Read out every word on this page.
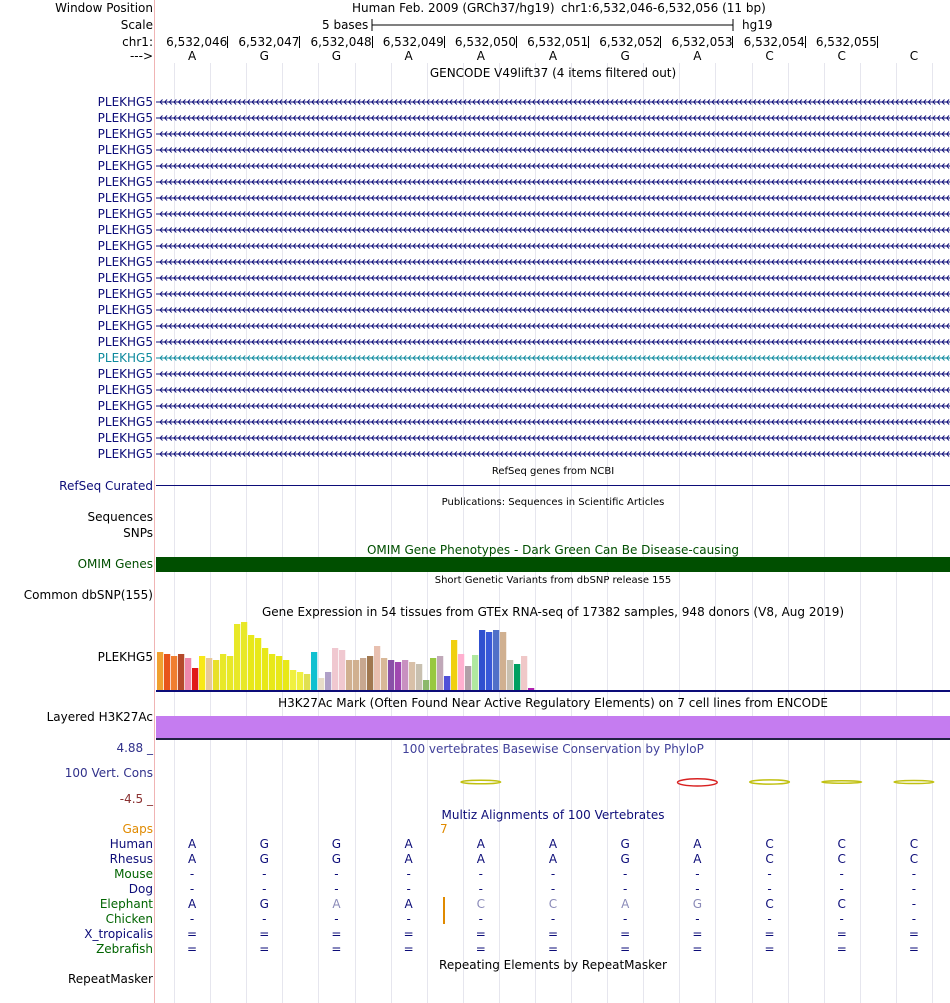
Window Position	Human Feb. 2009 (GRCh37/hg19) chr1:6,532,046-6,532,056 (11 bp)
Scale	5 bases	hg19
chr1:
--->
GENCODE V49lift37 (4 items filtered out)
RefSeq genes from NCBI
RefSeq Curated
Publications: Sequences in Scientific Articles
Sequences
SNPs
OMIM Gene Phenotypes - Dark Green Can Be Disease-causing
OMIM Genes
Short Genetic Variants from dbSNP release 155
Common dbSNP(155)
Gene Expression in 54 tissues from GTEx RNA-seq of 17382 samples, 948 donors (V8, Aug 2019)
PLEKHG5
H3K27Ac Mark (Often Found Near Active Regulatory Elements) on 7 cell lines from ENCODE
Layered H3K27Ac
4.88 _	100 vertebrates Basewise Conservation by PhyloP
100 Vert. Cons
-4.5 _
Multiz Alignments of 100 Vertebrates
Gaps	7
Repeating Elements by RepeatMasker
RepeatMasker
6,532,046 6,532,047 6,532,048 6,532,049 6,532,050 6,532,051 6,532,052 6,532,053 6,532,054 6,532,055
A	G	G	A	A	A	G	A	C	C	C
PLEKHG5
PLEKHG5
PLEKHG5
PLEKHG5
PLEKHG5
PLEKHG5
PLEKHG5
PLEKHG5
PLEKHG5
PLEKHG5
PLEKHG5
PLEKHG5
PLEKHG5
PLEKHG5
PLEKHG5
PLEKHG5
PLEKHG5
PLEKHG5
PLEKHG5
PLEKHG5
PLEKHG5
PLEKHG5
PLEKHG5
Human	A	G	G	A	A	A	G	A	C	C	C
Rhesus	A	G	G	A	A	A	G	A	C	C	C
Mouse	-	-	-	-	-	-	-	-	-	-	-
Dog	-	-	-	-	-	-	-	-	-	-	-
Elephant	A	G	A	A	C	C	A	G	C	C	-
Chicken	-	-	-	-	-	-	-	-	-	-	-
X_tropicalis	=	=	=	=	=	=	=	=	=	=	=
Zebrafish	=	=	=	=	=	=	=	=	=	=	=
